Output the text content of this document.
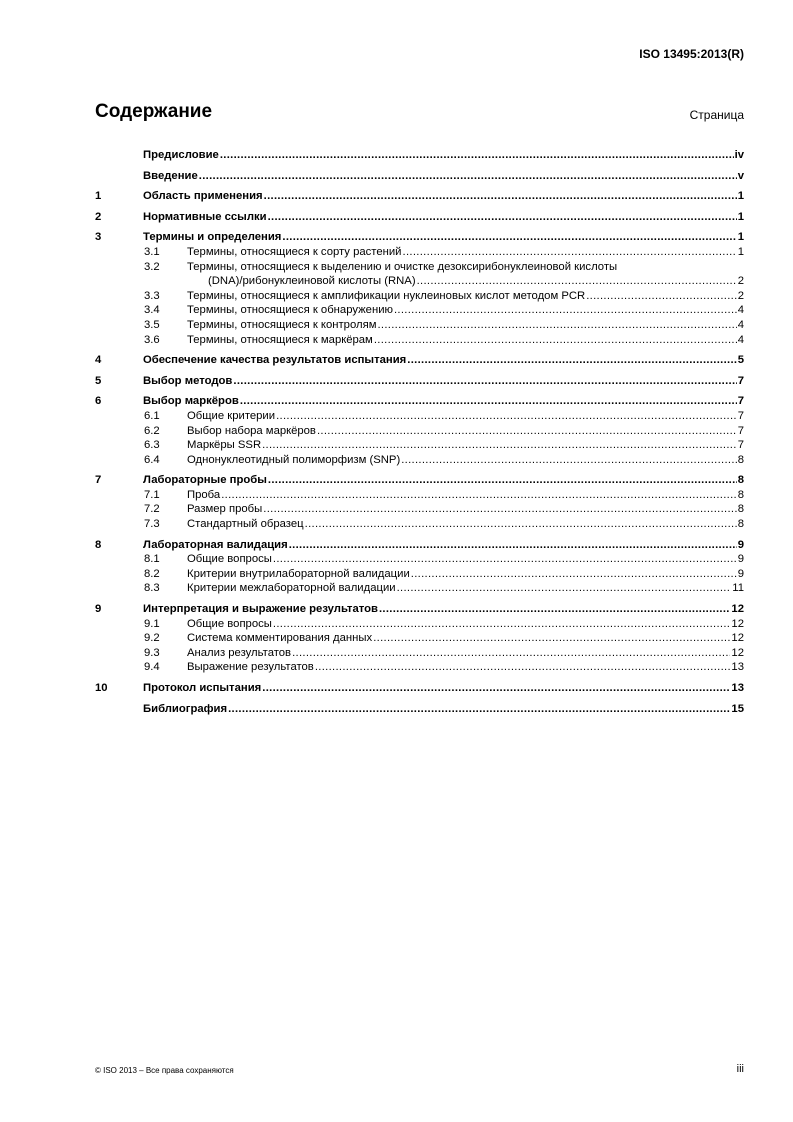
ISO 13495:2013(R)
Содержание	Страница
Предисловие .....	iv
Введение .....	v
1	Область применения .....	1
2	Нормативные ссылки .....	1
3	Термины и определения .....	1
3.1	Термины, относящиеся к сорту растений .....	1
3.2	Термины, относящиеся к выделению и очистке дезоксирибонуклеиновой кислоты
(DNA)/рибонуклеиновой кислоты (RNA) .....	2
3.3	Термины, относящиеся к амплификации нуклеиновых кислот методом PCR .....	2
3.4	Термины, относящиеся к обнаружению .....	4
3.5	Термины, относящиеся к контролям .....	4
3.6	Термины, относящиеся к маркёрам .....	4
4	Обеспечение качества результатов испытания .....	5
5	Выбор методов .....	7
6	Выбор маркёров .....	7
6.1	Общие критерии .....	7
6.2	Выбор набора маркёров .....	7
6.3	Маркёры SSR .....	7
6.4	Однонуклеотидный полиморфизм (SNP) .....	8
7	Лабораторные пробы .....	8
7.1	Проба .....	8
7.2	Размер пробы .....	8
7.3	Стандартный образец .....	8
8	Лабораторная валидация .....	9
8.1	Общие вопросы .....	9
8.2	Критерии внутрилабораторной валидации .....	9
8.3	Критерии межлабораторной валидации .....	11
9	Интерпретация и выражение результатов .....	12
9.1	Общие вопросы .....	12
9.2	Система комментирования данных .....	12
9.3	Анализ результатов .....	12
9.4	Выражение результатов .....	13
10	Протокол испытания .....	13
Библиография .....	15
© ISO 2013 – Все права сохраняются	iii
